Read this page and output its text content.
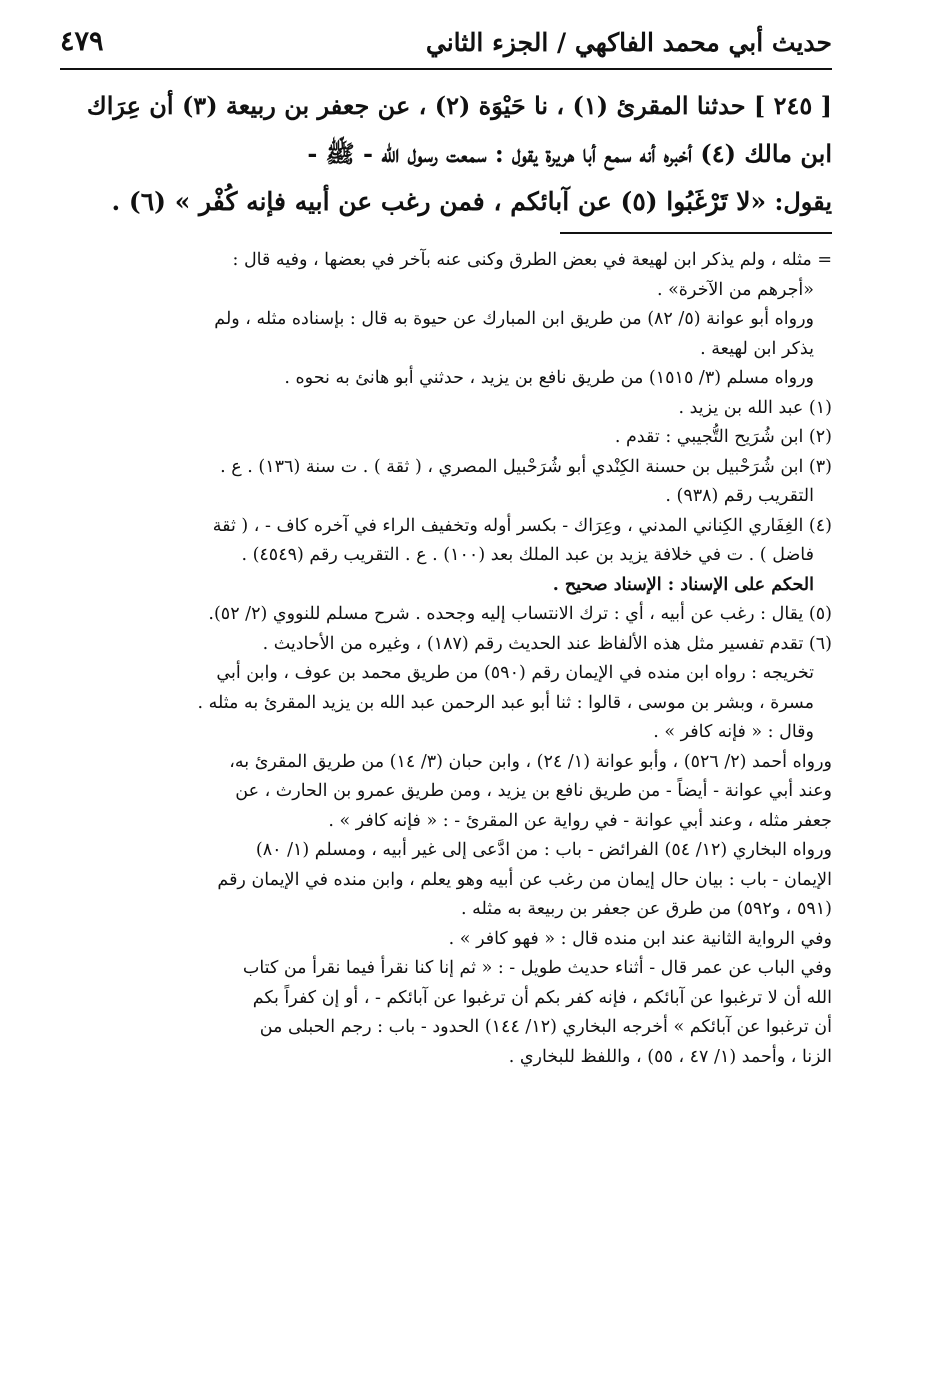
حديث أبي محمد الفاكهي / الجزء الثاني
٤٧٩
[ ٢٤٥ ] حدثنا المقرئ (١) ، نا حَيْوَة (٢) ، عن جعفر بن ربيعة (٣) أن عِرَاك
ابن مالك (٤) أخبره أنه سمع أبا هريرة يقول : سمعت رسول الله - ﷺ -
يقول: «لا تَرْغَبُوا (٥) عن آبائكم ، فمن رغب عن أبيه فإنه كُفْر » (٦) .

= مثله ، ولم يذكر ابن لهيعة في بعض الطرق وكنى عنه بآخر في بعضها ، وفيه قال :

«أجرهم من الآخرة» .

ورواه أبو عوانة (٥/ ٨٢) من طريق ابن المبارك عن حيوة به قال : بإسناده مثله ، ولم

يذكر ابن لهيعة .

ورواه مسلم (٣/ ١٥١٥) من طريق نافع بن يزيد ، حدثني أبو هانئ به نحوه .

(١) عبد الله بن يزيد .

(٢) ابن شُرَيح التُّجيبي : تقدم .

(٣) ابن شُرَحْبيل بن حسنة الكِنْدي أبو شُرَحْبيل المصري ، ( ثقة ) . ت سنة (١٣٦) . ع .

التقريب رقم (٩٣٨) .

(٤) الغِفَاري الكِناني المدني ، وعِرَاك - بكسر أوله وتخفيف الراء في آخره كاف - ، ( ثقة

فاضل ) . ت في خلافة يزيد بن عبد الملك بعد (١٠٠) . ع . التقريب رقم (٤٥٤٩) .

الحكم على الإسناد : الإسناد صحيح .

(٥) يقال : رغب عن أبيه ، أي : ترك الانتساب إليه وجحده . شرح مسلم للنووي (٢/ ٥٢).

(٦) تقدم تفسير مثل هذه الألفاظ عند الحديث رقم (١٨٧) ، وغيره من الأحاديث .

تخريجه : رواه ابن منده في الإيمان رقم (٥٩٠) من طريق محمد بن عوف ، وابن أبي

مسرة ، وبشر بن موسى ، قالوا : ثنا أبو عبد الرحمن عبد الله بن يزيد المقرئ به مثله .

وقال : « فإنه كافر » .

ورواه أحمد (٢/ ٥٢٦) ، وأبو عوانة (١/ ٢٤) ، وابن حبان (٣/ ١٤) من طريق المقرئ به،

وعند أبي عوانة - أيضاً - من طريق نافع بن يزيد ، ومن طريق عمرو بن الحارث ، عن

جعفر مثله ، وعند أبي عوانة - في رواية عن المقرئ - : « فإنه كافر » .

ورواه البخاري (١٢/ ٥٤) الفرائض - باب : من ادَّعى إلى غير أبيه ، ومسلم (١/ ٨٠)

الإيمان - باب : بيان حال إيمان من رغب عن أبيه وهو يعلم ، وابن منده في الإيمان رقم

(٥٩١ ، و٥٩٢) من طرق عن جعفر بن ربيعة به مثله .

وفي الرواية الثانية عند ابن منده قال : « فهو كافر » .

وفي الباب عن عمر قال - أثناء حديث طويل - : « ثم إنا كنا نقرأ فيما نقرأ من كتاب

الله أن لا ترغبوا عن آبائكم ، فإنه كفر بكم أن ترغبوا عن آبائكم - ، أو إن كفراً بكم

أن ترغبوا عن آبائكم » أخرجه البخاري (١٢/ ١٤٤) الحدود - باب : رجم الحبلى من

الزنا ، وأحمد (١/ ٤٧ ، ٥٥) ، واللفظ للبخاري .
